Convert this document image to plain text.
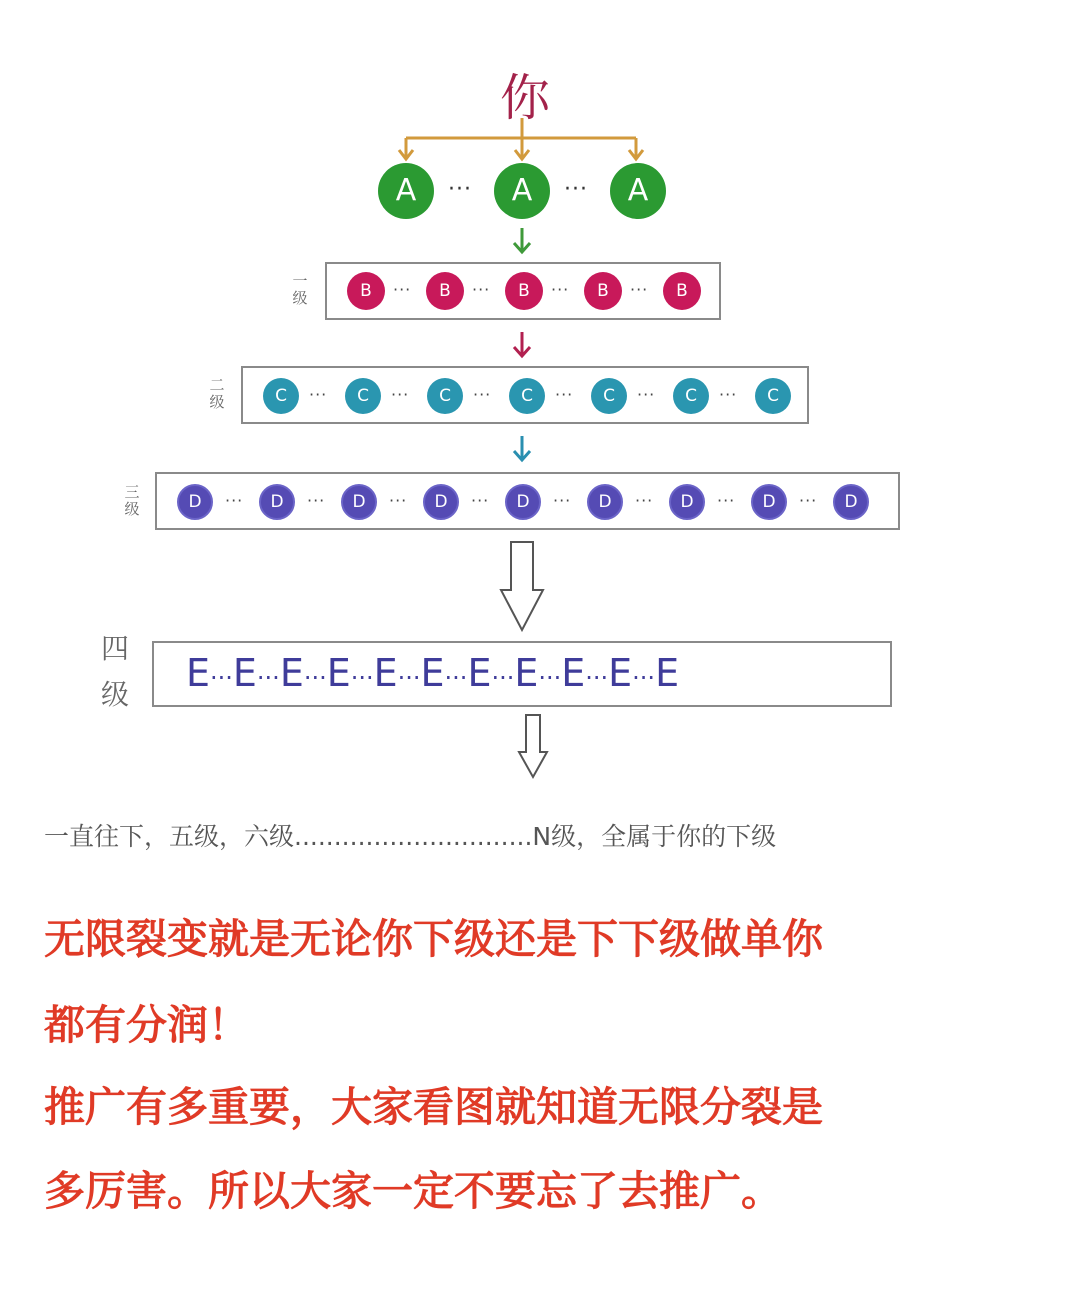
你
A	···	A	···	A
一
级	B	···	B	···	B	···	B	···	B
二
级	C	···	C	···	C	···	C	···	C	···	C	···	C
三
级	D	···	D	···	D	···	D	···	D	···	D	···	D	···	D	···	D
四
级 E···E···E···E···E···E···E···E···E···E···E
一直往下，五级，六级..............................N级，全属于你的下级
无限裂变就是无论你下级还是下下级做单你
都有分润！
推广有多重要，大家看图就知道无限分裂是
多厉害。所以大家一定不要忘了去推广。
